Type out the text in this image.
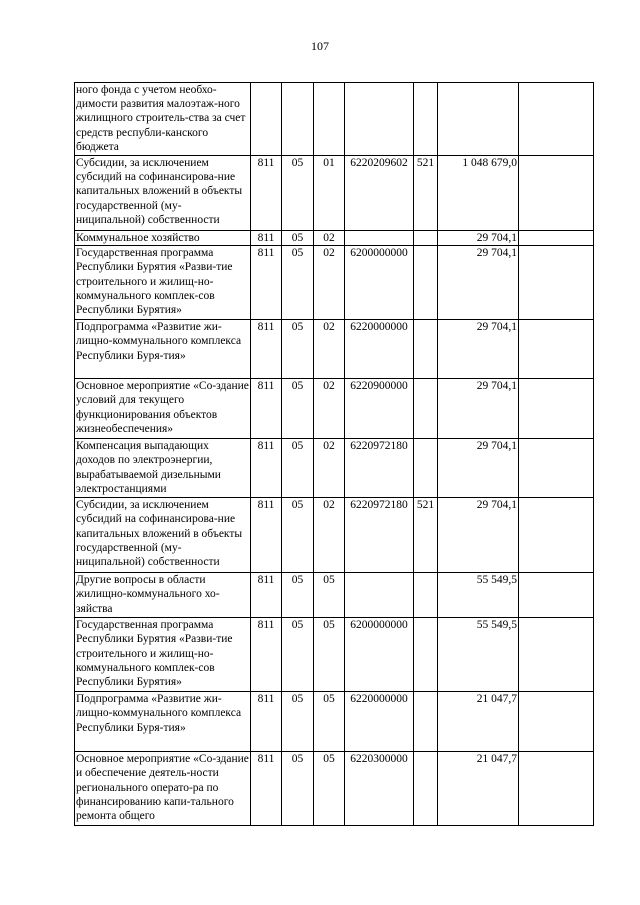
107
ного фонда с учетом необхо-димости развития малоэтаж-ного жилищного строитель-ства за счет средств республи-канского бюджета							
Субсидии, за исключением субсидий на софинансирова-ние капитальных вложений в объекты государственной (му-ниципальной) собственности	811	05	01	6220209602	521	1 048 679,0	
Коммунальное хозяйство	811	05	02			29 704,1	
Государственная программа Республики Бурятия «Разви-тие строительного и жилищ-но-коммунального комплек-сов Республики Бурятия»	811	05	02	6200000000		29 704,1	
Подпрограмма «Развитие жи-лищно-коммунального комплекса Республики Буря-тия»	811	05	02	6220000000		29 704,1	
Основное мероприятие «Со-здание условий для текущего функционирования объектов жизнеобеспечения»	811	05	02	6220900000		29 704,1	
Компенсация выпадающих доходов по электроэнергии, вырабатываемой дизельными электростанциями	811	05	02	6220972180		29 704,1	
Субсидии, за исключением субсидий на софинансирова-ние капитальных вложений в объекты государственной (му-ниципальной) собственности	811	05	02	6220972180	521	29 704,1	
Другие вопросы в области жилищно-коммунального хо-зяйства	811	05	05			55 549,5	
Государственная программа Республики Бурятия «Разви-тие строительного и жилищ-но-коммунального комплек-сов Республики Бурятия»	811	05	05	6200000000		55 549,5	
Подпрограмма «Развитие жи-лищно-коммунального комплекса Республики Буря-тия»	811	05	05	6220000000		21 047,7	
Основное мероприятие «Со-здание и обеспечение деятель-ности регионального операто-ра по финансированию капи-тального ремонта общего	811	05	05	6220300000		21 047,7	
